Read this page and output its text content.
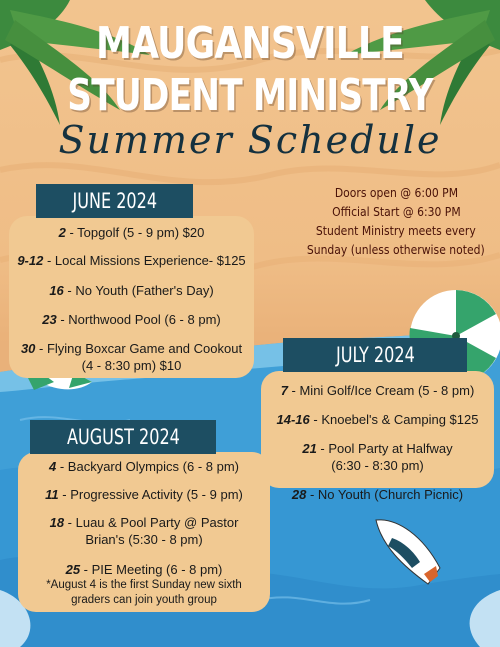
MAUGANSVILLE
STUDENT MINISTRY
Summer Schedule
Doors open @ 6:00 PM
Official Start @ 6:30 PM
Student Ministry meets every
Sunday (unless otherwise noted)
2 - Topgolf (5 - 9 pm) $20
9-12 - Local Missions Experience- $125
16 - No Youth (Father's Day)
23 - Northwood Pool (6 - 8 pm)
30 - Flying Boxcar Game and Cookout
(4 - 8:30 pm) $10
JUNE 2024
7 - Mini Golf/Ice Cream (5 - 8 pm)
14-16 - Knoebel's & Camping $125
21 - Pool Party at Halfway
(6:30 - 8:30 pm)
28 - No Youth (Church Picnic)
JULY 2024
4 - Backyard Olympics (6 - 8 pm)
11 - Progressive Activity (5 - 9 pm)
18 - Luau & Pool Party @ Pastor
Brian's (5:30 - 8 pm)
25 - PIE Meeting (6 - 8 pm)
*August 4 is the first Sunday new sixth
graders can join youth group
AUGUST 2024
